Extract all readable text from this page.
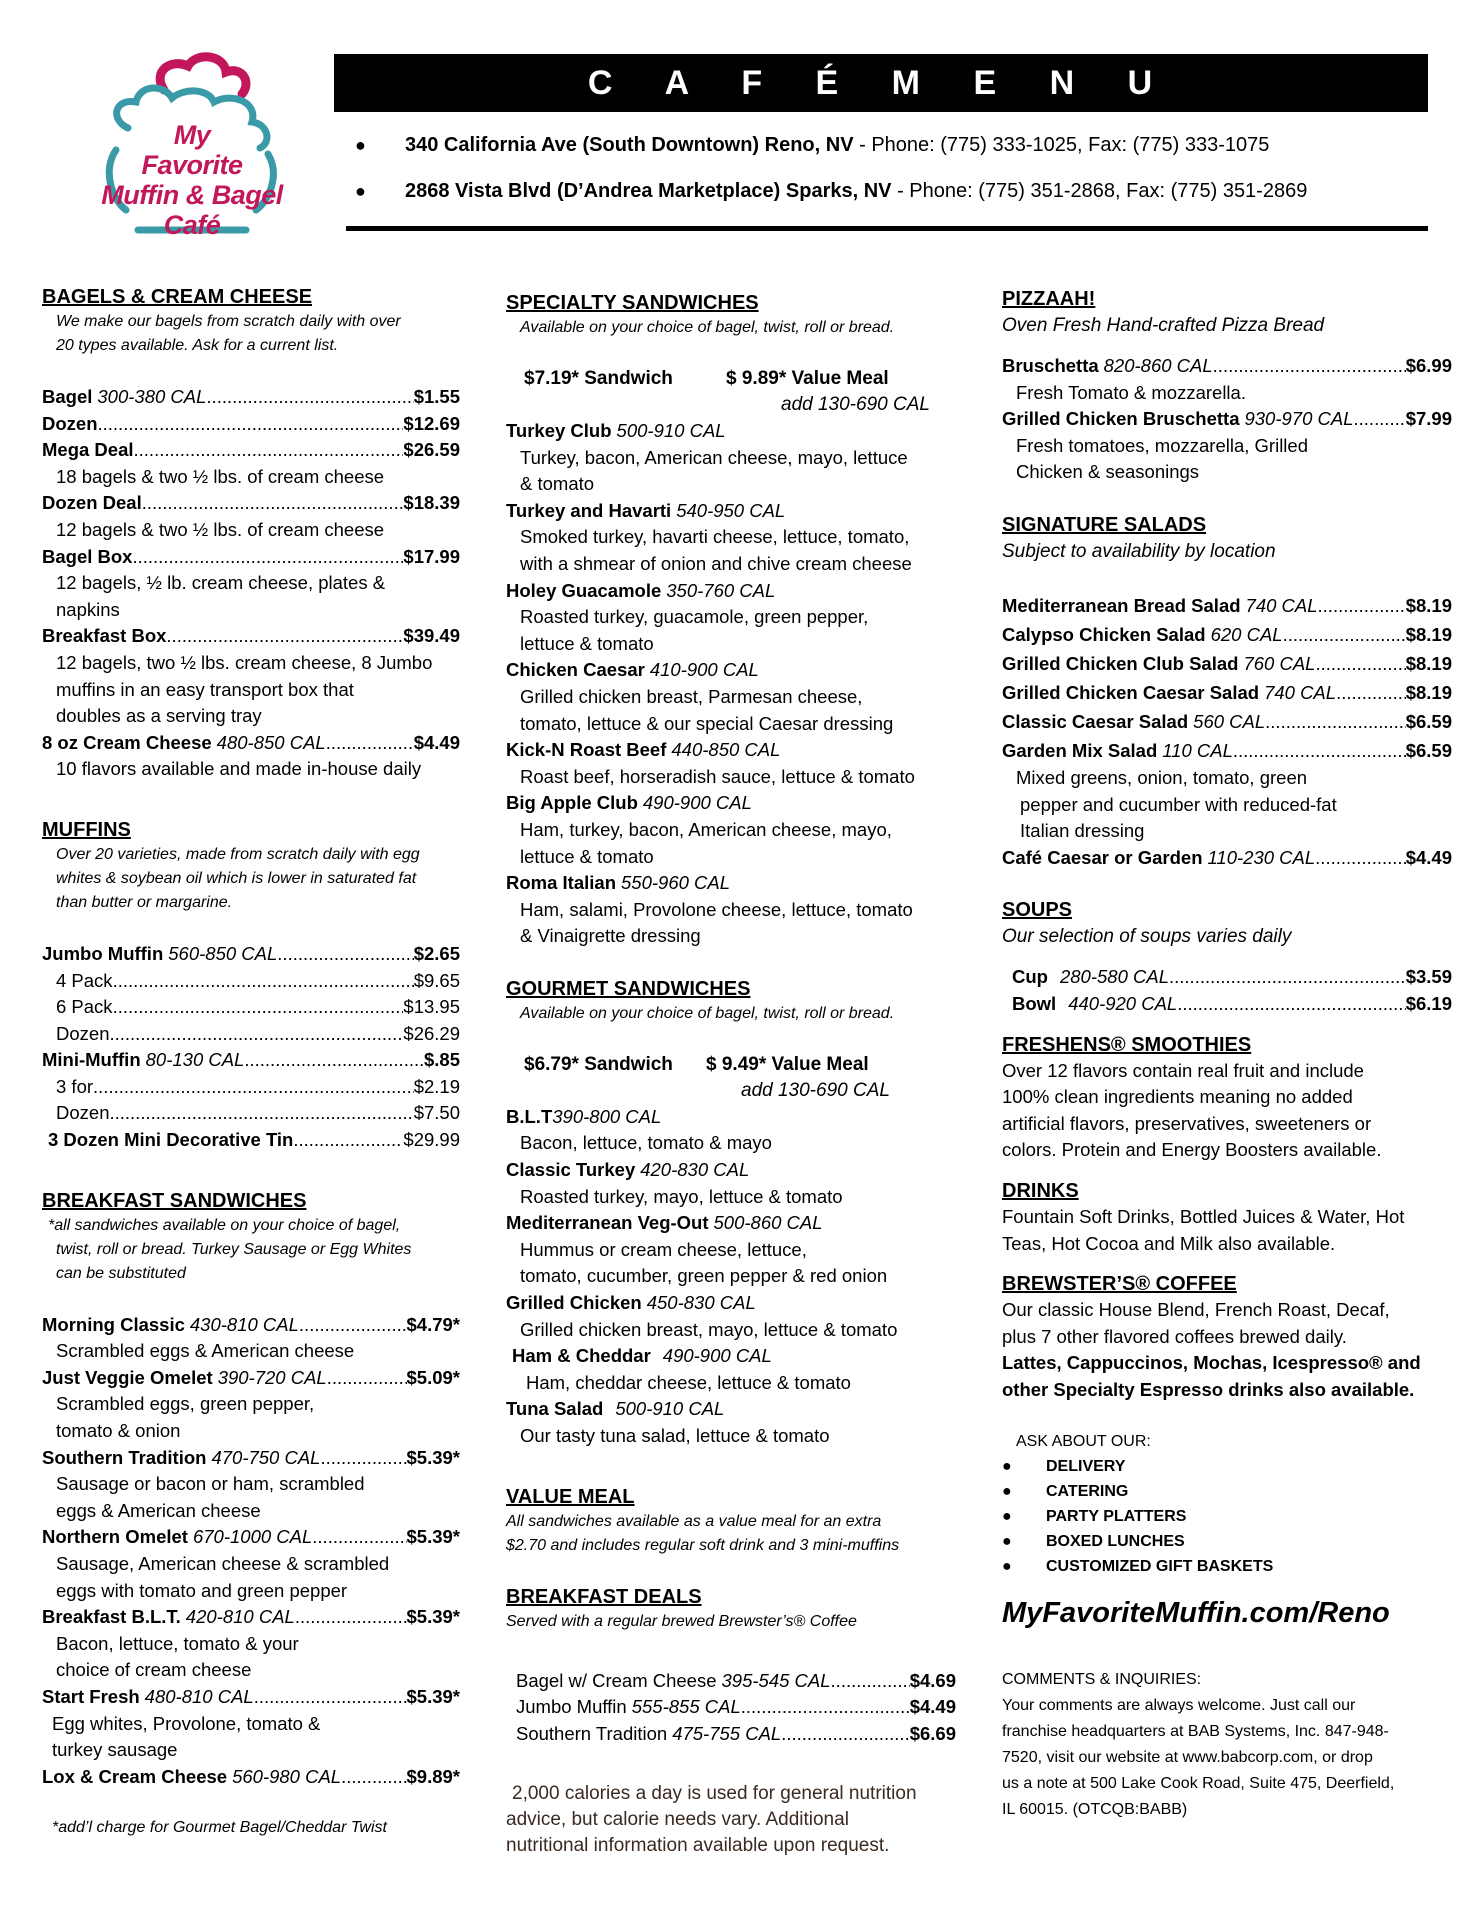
My
Favorite
Muffin & Bagel
Café
C A F É M E N U
● 340 California Ave (South Downtown) Reno, NV - Phone: (775) 333-1025, Fax: (775) 333-1075
● 2868 Vista Blvd (D’Andrea Marketplace) Sparks, NV - Phone: (775) 351-2868, Fax: (775) 351-2869
BAGELS & CREAM CHEESE
We make our bagels from scratch daily with over
20 types available. Ask for a current list.
Bagel 300-380 CAL .....	$1.55
Dozen .....	$12.69
Mega Deal .....	$26.59
18 bagels & two ½ lbs. of cream cheese
Dozen Deal .....	$18.39
12 bagels & two ½ lbs. of cream cheese
Bagel Box .....	$17.99
12 bagels, ½ lb. cream cheese, plates &
napkins
Breakfast Box .....	$39.49
12 bagels, two ½ lbs. cream cheese, 8 Jumbo
muffins in an easy transport box that
doubles as a serving tray
8 oz Cream Cheese 480-850 CAL .....	$4.49
10 flavors available and made in-house daily
MUFFINS
Over 20 varieties, made from scratch daily with egg
whites & soybean oil which is lower in saturated fat
than butter or margarine.
Jumbo Muffin 560-850 CAL .....	$2.65
4 Pack .....	$9.65
6 Pack .....	$13.95
Dozen .....	$26.29
Mini-Muffin 80-130 CAL .....	$.85
3 for .....	$2.19
Dozen .....	$7.50
3 Dozen Mini Decorative Tin .....	$29.99
BREAKFAST SANDWICHES
*all sandwiches available on your choice of bagel,
twist, roll or bread. Turkey Sausage or Egg Whites
can be substituted
Morning Classic 430-810 CAL .....	$4.79*
Scrambled eggs & American cheese
Just Veggie Omelet 390-720 CAL .....	$5.09*
Scrambled eggs, green pepper,
tomato & onion
Southern Tradition 470-750 CAL .....	$5.39*
Sausage or bacon or ham, scrambled
eggs & American cheese
Northern Omelet 670-1000 CAL .....	$5.39*
Sausage, American cheese & scrambled
eggs with tomato and green pepper
Breakfast B.L.T. 420-810 CAL .....	$5.39*
Bacon, lettuce, tomato & your
choice of cream cheese
Start Fresh 480-810 CAL .....	$5.39*
Egg whites, Provolone, tomato &
turkey sausage
Lox & Cream Cheese 560-980 CAL .....	$9.89*
*add’l charge for Gourmet Bagel/Cheddar Twist
SPECIALTY SANDWICHES
Available on your choice of bagel, twist, roll or bread.
$7.19* Sandwich	$ 9.89* Value Meal
add 130-690 CAL
Turkey Club 500-910 CAL
Turkey, bacon, American cheese, mayo, lettuce
& tomato
Turkey and Havarti 540-950 CAL
Smoked turkey, havarti cheese, lettuce, tomato,
with a shmear of onion and chive cream cheese
Holey Guacamole 350-760 CAL
Roasted turkey, guacamole, green pepper,
lettuce & tomato
Chicken Caesar 410-900 CAL
Grilled chicken breast, Parmesan cheese,
tomato, lettuce & our special Caesar dressing
Kick-N Roast Beef 440-850 CAL
Roast beef, horseradish sauce, lettuce & tomato
Big Apple Club 490-900 CAL
Ham, turkey, bacon, American cheese, mayo,
lettuce & tomato
Roma Italian 550-960 CAL
Ham, salami, Provolone cheese, lettuce, tomato
& Vinaigrette dressing
GOURMET SANDWICHES
Available on your choice of bagel, twist, roll or bread.
$6.79* Sandwich	$ 9.49* Value Meal
add 130-690 CAL
B.L.T 390-800 CAL
Bacon, lettuce, tomato & mayo
Classic Turkey 420-830 CAL
Roasted turkey, mayo, lettuce & tomato
Mediterranean Veg-Out 500-860 CAL
Hummus or cream cheese, lettuce,
tomato, cucumber, green pepper & red onion
Grilled Chicken 450-830 CAL
Grilled chicken breast, mayo, lettuce & tomato
Ham & Cheddar 490-900 CAL
Ham, cheddar cheese, lettuce & tomato
Tuna Salad 500-910 CAL
Our tasty tuna salad, lettuce & tomato
VALUE MEAL
All sandwiches available as a value meal for an extra
$2.70 and includes regular soft drink and 3 mini-muffins
BREAKFAST DEALS
Served with a regular brewed Brewster’s® Coffee
Bagel w/ Cream Cheese 395-545 CAL .....	$4.69
Jumbo Muffin 555-855 CAL .....	$4.49
Southern Tradition 475-755 CAL .....	$6.69
2,000 calories a day is used for general nutrition
advice, but calorie needs vary. Additional
nutritional information available upon request.
PIZZAAH!
Oven Fresh Hand-crafted Pizza Bread
Bruschetta 820-860 CAL .....	$6.99
Fresh Tomato & mozzarella.
Grilled Chicken Bruschetta 930-970 CAL .....	$7.99
Fresh tomatoes, mozzarella, Grilled
Chicken & seasonings
SIGNATURE SALADS
Subject to availability by location
Mediterranean Bread Salad 740 CAL .....	$8.19
Calypso Chicken Salad 620 CAL .....	$8.19
Grilled Chicken Club Salad 760 CAL .....	$8.19
Grilled Chicken Caesar Salad 740 CAL .....	$8.19
Classic Caesar Salad 560 CAL .....	$6.59
Garden Mix Salad 110 CAL .....	$6.59
Mixed greens, onion, tomato, green
pepper and cucumber with reduced-fat
Italian dressing
Café Caesar or Garden 110-230 CAL .....	$4.49
SOUPS
Our selection of soups varies daily
Cup 280-580 CAL .....	$3.59
Bowl 440-920 CAL .....	$6.19
FRESHENS® SMOOTHIES
Over 12 flavors contain real fruit and include
100% clean ingredients meaning no added
artificial flavors, preservatives, sweeteners or
colors. Protein and Energy Boosters available.
DRINKS
Fountain Soft Drinks, Bottled Juices & Water, Hot
Teas, Hot Cocoa and Milk also available.
BREWSTER’S® COFFEE
Our classic House Blend, French Roast, Decaf,
plus 7 other flavored coffees brewed daily.
Lattes, Cappuccinos, Mochas, Icespresso® and
other Specialty Espresso drinks also available.
ASK ABOUT OUR:
●	DELIVERY
●	CATERING
●	PARTY PLATTERS
●	BOXED LUNCHES
●	CUSTOMIZED GIFT BASKETS
MyFavoriteMuffin.com/Reno
COMMENTS & INQUIRIES:
Your comments are always welcome. Just call our
franchise headquarters at BAB Systems, Inc. 847-948-
7520, visit our website at www.babcorp.com, or drop
us a note at 500 Lake Cook Road, Suite 475, Deerfield,
IL 60015. (OTCQB:BABB)
